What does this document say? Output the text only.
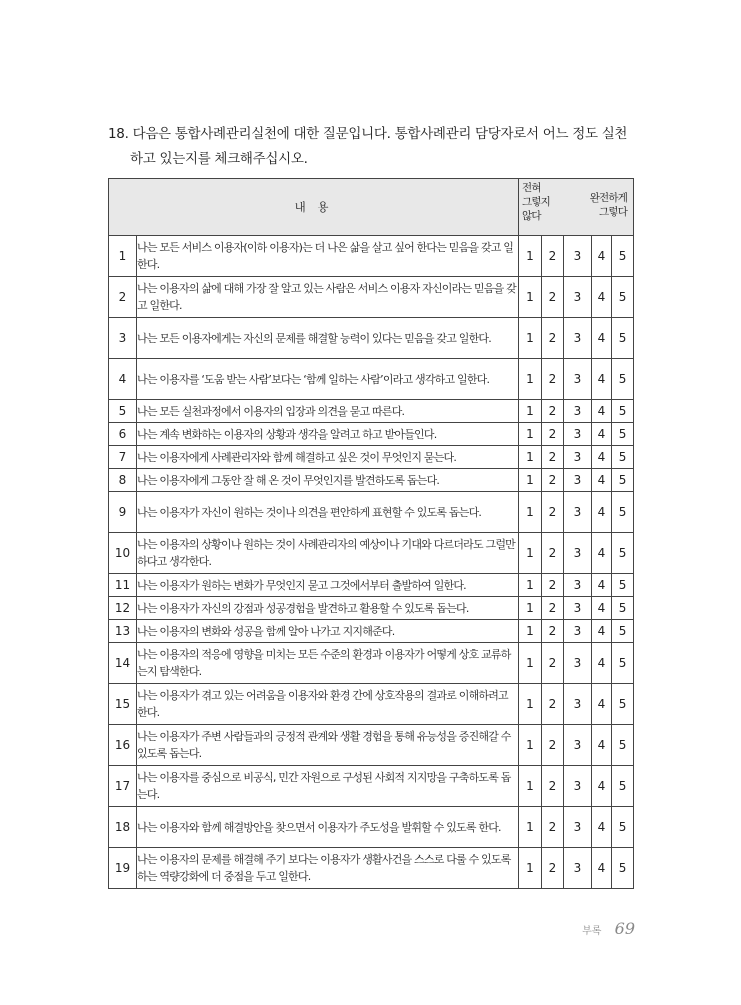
18. 다음은 통합사례관리실천에 대한 질문입니다. 통합사례관리 담당자로서 어느 정도 실천
하고 있는지를 체크해주십시오.
내 용		전혀
그렇지
않다
완전하게
그렇다				

1	나는 모든 서비스 이용자(이하 이용자)는 더 나은 삶을 살고 싶어 한다는 믿음을 갖고 일한다.	1	2	3	4	5
2	나는 이용자의 삶에 대해 가장 잘 알고 있는 사람은 서비스 이용자 자신이라는 믿음을 갖고 일한다.	1	2	3	4	5
3	나는 모든 이용자에게는 자신의 문제를 해결할 능력이 있다는 믿음을 갖고 일한다.	1	2	3	4	5
4	나는 이용자를 ‘도움 받는 사람’보다는 ‘함께 일하는 사람’이라고 생각하고 일한다.	1	2	3	4	5
5	나는 모든 실천과정에서 이용자의 입장과 의견을 묻고 따른다.	1	2	3	4	5
6	나는 계속 변화하는 이용자의 상황과 생각을 알려고 하고 받아들인다.	1	2	3	4	5
7	나는 이용자에게 사례관리자와 함께 해결하고 싶은 것이 무엇인지 묻는다.	1	2	3	4	5
8	나는 이용자에게 그동안 잘 해 온 것이 무엇인지를 발견하도록 돕는다.	1	2	3	4	5
9	나는 이용자가 자신이 원하는 것이나 의견을 편안하게 표현할 수 있도록 돕는다.	1	2	3	4	5
10	나는 이용자의 상황이나 원하는 것이 사례관리자의 예상이나 기대와 다르더라도 그럴만하다고 생각한다.	1	2	3	4	5
11	나는 이용자가 원하는 변화가 무엇인지 묻고 그것에서부터 출발하여 일한다.	1	2	3	4	5
12	나는 이용자가 자신의 강점과 성공경험을 발견하고 활용할 수 있도록 돕는다.	1	2	3	4	5
13	나는 이용자의 변화와 성공을 함께 알아 나가고 지지해준다.	1	2	3	4	5
14	나는 이용자의 적응에 영향을 미치는 모든 수준의 환경과 이용자가 어떻게 상호 교류하는지 탐색한다.	1	2	3	4	5
15	나는 이용자가 겪고 있는 어려움을 이용자와 환경 간에 상호작용의 결과로 이해하려고 한다.	1	2	3	4	5
16	나는 이용자가 주변 사람들과의 긍정적 관계와 생활 경험을 통해 유능성을 증진해갈 수 있도록 돕는다.	1	2	3	4	5
17	나는 이용자를 중심으로 비공식, 민간 자원으로 구성된 사회적 지지망을 구축하도록 돕는다.	1	2	3	4	5
18	나는 이용자와 함께 해결방안을 찾으면서 이용자가 주도성을 발휘할 수 있도록 한다.	1	2	3	4	5
19	나는 이용자의 문제를 해결해 주기 보다는 이용자가 생활사건을 스스로 다룰 수 있도록 하는 역량강화에 더 중점을 두고 일한다.	1	2	3	4	5
부록 69
